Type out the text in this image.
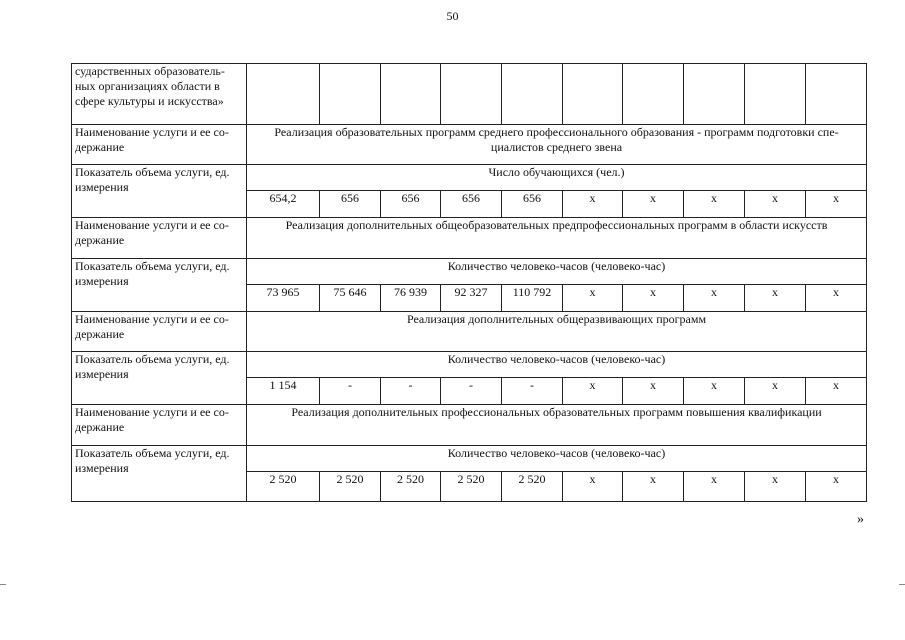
50
сударственных образователь-ных организациях области в сфере культуры и искусства»										
Наименование услуги и ее со-держание	Реализация образовательных программ среднего профессионального образования - программ подготовки спе-циалистов среднего звена									
Показатель объема услуги, ед. измерения	Число обучающихся (чел.)									
	654,2	656	656	656	656	х	х	х	х	х
Наименование услуги и ее со-держание	Реализация дополнительных общеобразовательных предпрофессиональных программ в области искусств									
Показатель объема услуги, ед. измерения	Количество человеко-часов (человеко-час)									
	73 965	75 646	76 939	92 327	110 792	х	х	х	х	х
Наименование услуги и ее со-держание	Реализация дополнительных общеразвивающих программ									
Показатель объема услуги, ед. измерения	Количество человеко-часов (человеко-час)									
	1 154	-	-	-	-	х	х	х	х	х
Наименование услуги и ее со-держание	Реализация дополнительных профессиональных образовательных программ повышения квалификации									
Показатель объема услуги, ед. измерения	Количество человеко-часов (человеко-час)									
	2 520	2 520	2 520	2 520	2 520	х	х	х	х	х
»
